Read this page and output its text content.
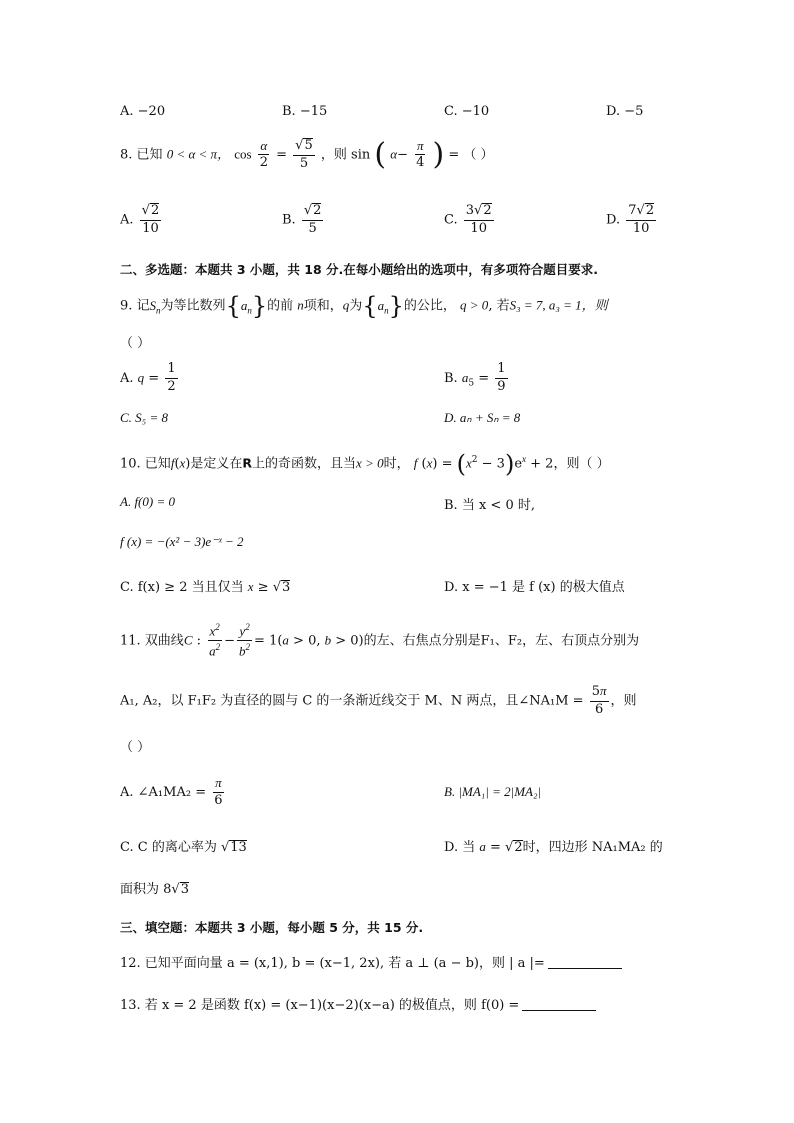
A. −20	B. −15	C. −10	D. −5
8. 已知 0 < α < π， $\cos \frac{\alpha}{2} = \frac{√5}{5}$ ，则 sin ( $\alpha- \frac{\pi}{4}$ ) = （ ）
A. $\frac{√2}{10}$	B. $\frac{√2}{5}$	C. $\frac{3√2}{10}$	D. $\frac{7√2}{10}$
二、多选题：本题共 3 小题，共 18 分.在每小题给出的选项中，有多项符合题目要求.
9. 记$S_n$为等比数列$\{a_n\}$的前 n项和，q为$\{a_n\}$的公比， q > 0, 若S₃ = 7, a₃ = 1，则
（ ）
A. $q = \frac{1}{2}$	B. $a_5 = \frac{1}{9}$
C. S₅ = 8	D. aₙ + Sₙ = 8
10. 已知f(x)是定义在R上的奇函数，且当x > 0时， f $(x) = (x^2 - 3)e^x + 2$，则（ ）
A. f(0) = 0	B. 当 x < 0 时,
f (x) = −(x² − 3)e⁻ˣ − 2
C. f(x) ≥ 2 当且仅当 x ≥ √3	D. x = −1 是 f (x) 的极大值点
11. 双曲线C : $\frac{x^2}{a^2} - \frac{y^2}{b^2} = 1(a > 0$, b > 0)的左、右焦点分别是F₁、F₂，左、右顶点分别为
A₁, A₂，以 F₁F₂ 为直径的圆与 C 的一条渐近线交于 M、N 两点，且∠NA₁M = $\frac{5\pi}{6}$ ，则
（ ）
A. ∠A₁MA₂ = $\frac{\pi}{6}$	B. |MA₁| = 2|MA₂|
C. C 的离心率为 √13	D. 当 a = √2时，四边形 NA₁MA₂ 的
面积为 8√3
三、填空题：本题共 3 小题，每小题 5 分，共 15 分.
12. 已知平面向量 a = (x,1), b = (x−1, 2x), 若 a ⊥ (a − b)，则 | a |=
13. 若 x = 2 是函数 f(x) = (x−1)(x−2)(x−a) 的极值点，则 f(0) =
